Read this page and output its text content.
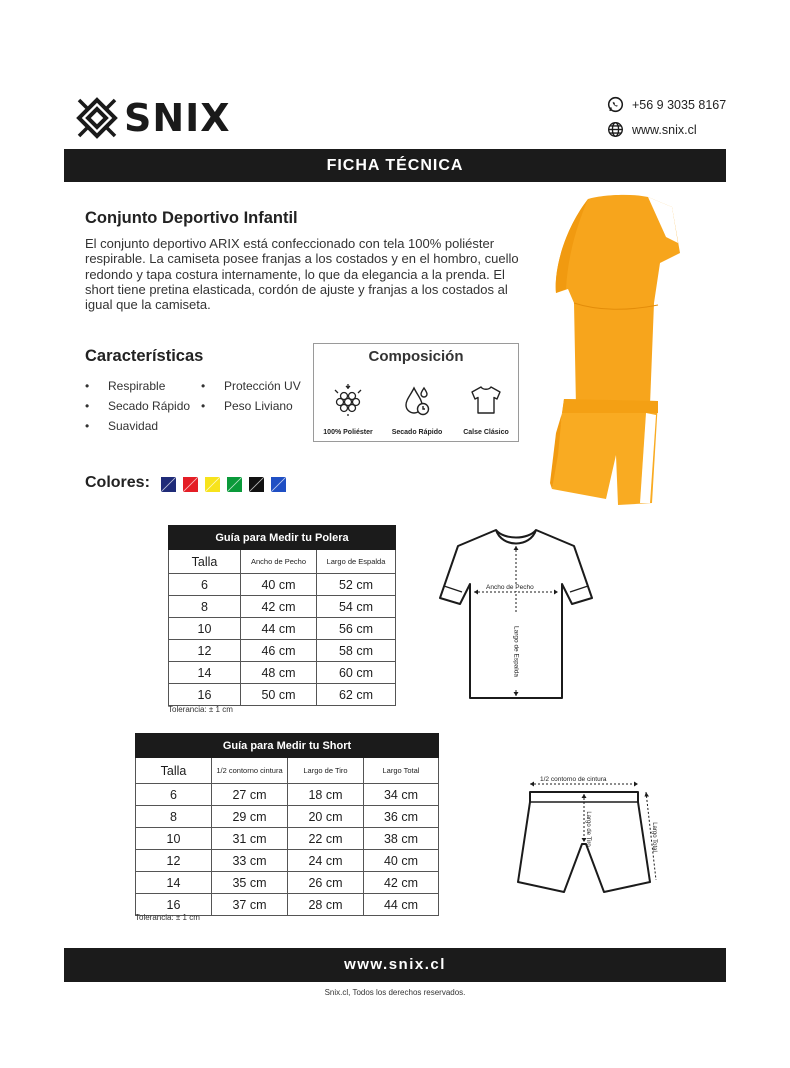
SNIX	+56 9 3035 8167
www.snix.cl
FICHA TÉCNICA
Conjunto Deportivo Infantil

El conjunto deportivo ARIX está confeccionado con tela 100% poliéster respirable. La camiseta posee franjas a los costados y en el hombro, cuello redondo y tapa costura internamente, lo que da elegancia a la prenda. El short tiene pretina elasticada, cordón de ajuste y franjas a los costados al igual que la camiseta.

Características
• Respirable	• Protección UV
• Secado Rápido	• Peso Liviano
• Suavidad
Composición
100% Poliéster	Secado Rápido	Calse Clásico
Colores:
Guía para Medir tu Polera		
Talla	Ancho de Pecho	Largo de Espalda
6	40 cm	52 cm
8	42 cm	54 cm
10	44 cm	56 cm
12	46 cm	58 cm
14	48 cm	60 cm
16	50 cm	62 cm
Tolerancia: ± 1 cm
Ancho de Pecho
Largo de Espalda
Guía para Medir tu Short			
Talla	1/2 contorno cintura	Largo de Tiro	Largo Total
6	27 cm	18 cm	34 cm
8	29 cm	20 cm	36 cm
10	31 cm	22 cm	38 cm
12	33 cm	24 cm	40 cm
14	35 cm	26 cm	42 cm
16	37 cm	28 cm	44 cm
Tolerancia: ± 1 cm
1/2 contorno de cintura
Largo de Tiro	Largo Total
www.snix.cl
Snix.cl, Todos los derechos reservados.
